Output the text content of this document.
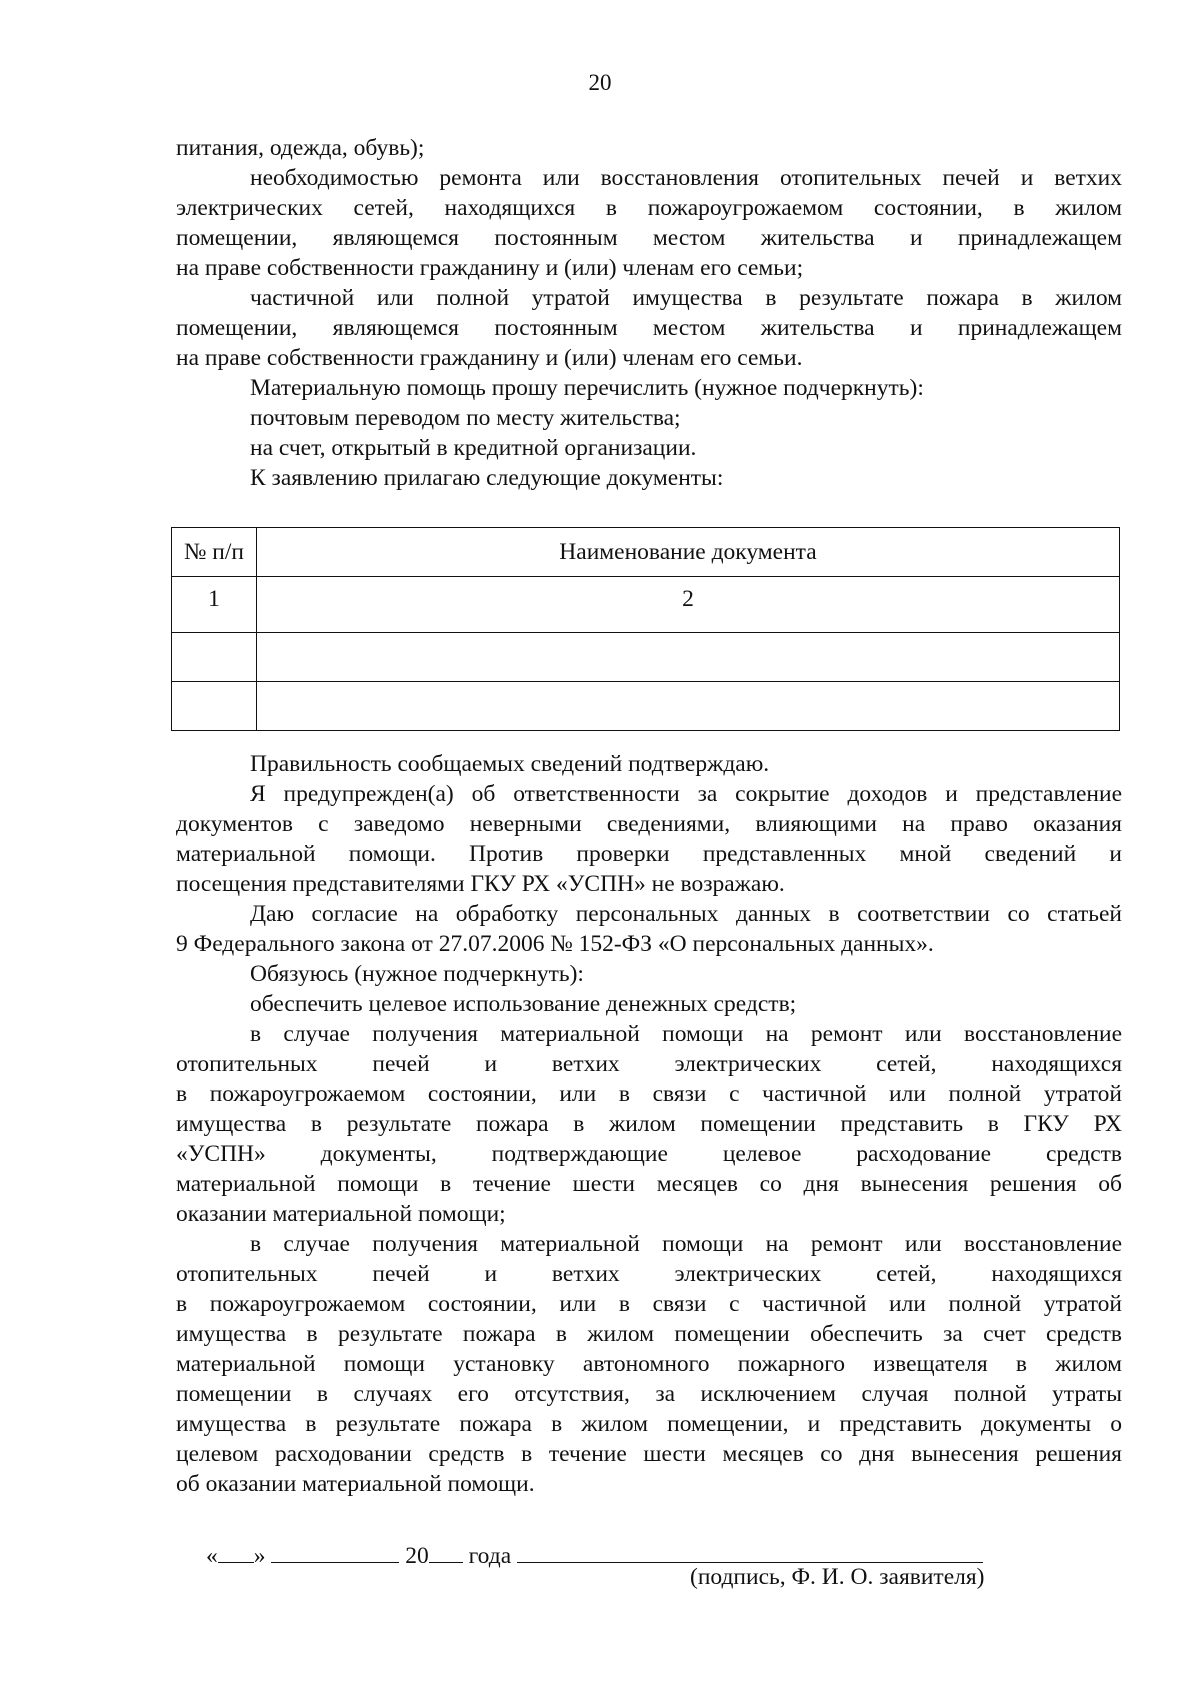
20
питания, одежда, обувь);
необходимостью ремонта или восстановления отопительных печей и ветхих
электрических сетей, находящихся в пожароугрожаемом состоянии, в жилом
помещении, являющемся постоянным местом жительства и принадлежащем
на праве собственности гражданину и (или) членам его семьи;
частичной или полной утратой имущества в результате пожара в жилом
помещении, являющемся постоянным местом жительства и принадлежащем
на праве собственности гражданину и (или) членам его семьи.
Материальную помощь прошу перечислить (нужное подчеркнуть):
почтовым переводом по месту жительства;
на счет, открытый в кредитной организации.
К заявлению прилагаю следующие документы:
№ п/п	Наименование документа
1	2

Правильность сообщаемых сведений подтверждаю.
Я предупрежден(а) об ответственности за сокрытие доходов и представление
документов с заведомо неверными сведениями, влияющими на право оказания
материальной помощи. Против проверки представленных мной сведений и
посещения представителями ГКУ РХ «УСПН» не возражаю.
Даю согласие на обработку персональных данных в соответствии со статьей
9 Федерального закона от 27.07.2006 № 152-ФЗ «О персональных данных».
Обязуюсь (нужное подчеркнуть):
обеспечить целевое использование денежных средств;
в случае получения материальной помощи на ремонт или восстановление
отопительных печей и ветхих электрических сетей, находящихся
в пожароугрожаемом состоянии, или в связи с частичной или полной утратой
имущества в результате пожара в жилом помещении представить в ГКУ РХ
«УСПН» документы, подтверждающие целевое расходование средств
материальной помощи в течение шести месяцев со дня вынесения решения об
оказании материальной помощи;
в случае получения материальной помощи на ремонт или восстановление
отопительных печей и ветхих электрических сетей, находящихся
в пожароугрожаемом состоянии, или в связи с частичной или полной утратой
имущества в результате пожара в жилом помещении обеспечить за счет средств
материальной помощи установку автономного пожарного извещателя в жилом
помещении в случаях его отсутствия, за исключением случая полной утраты
имущества в результате пожара в жилом помещении, и представить документы о
целевом расходовании средств в течение шести месяцев со дня вынесения решения
об оказании материальной помощи.
« »	20 года
(подпись, Ф. И. О. заявителя)
